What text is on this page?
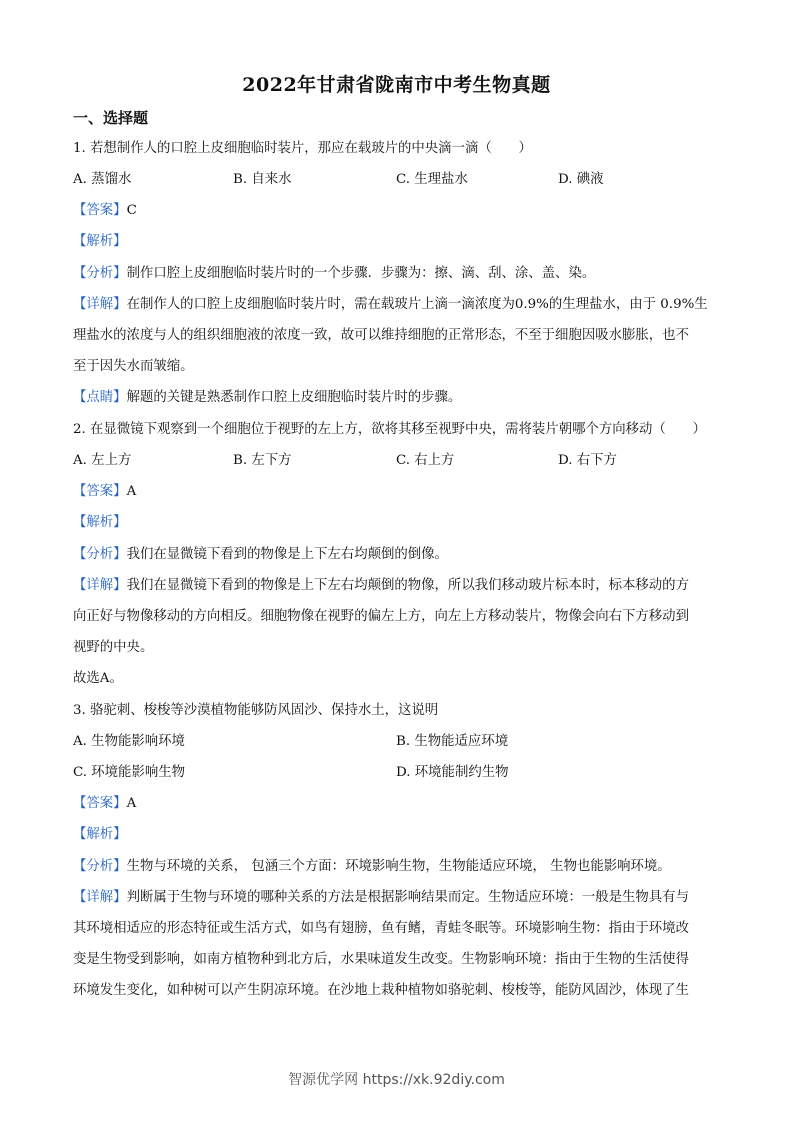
2022年甘肃省陇南市中考生物真题
一、选择题
1. 若想制作人的口腔上皮细胞临时装片，那应在载玻片的中央滴一滴（　　）
A. 蒸馏水	B. 自来水	C. 生理盐水	D. 碘液
【答案】C
【解析】
【分析】制作口腔上皮细胞临时装片时的一个步骤．步骤为：擦、滴、刮、涂、盖、染。
【详解】在制作人的口腔上皮细胞临时装片时，需在载玻片上滴一滴浓度为0.9%的生理盐水，由于 0.9%生
理盐水的浓度与人的组织细胞液的浓度一致，故可以维持细胞的正常形态，不至于细胞因吸水膨胀，也不
至于因失水而皱缩。
【点睛】解题的关键是熟悉制作口腔上皮细胞临时装片时的步骤。
2. 在显微镜下观察到一个细胞位于视野的左上方，欲将其移至视野中央，需将装片朝哪个方向移动（　　）
A. 左上方	B. 左下方	C. 右上方	D. 右下方
【答案】A
【解析】
【分析】我们在显微镜下看到的物像是上下左右均颠倒的倒像。
【详解】我们在显微镜下看到的物像是上下左右均颠倒的物像，所以我们移动玻片标本时，标本移动的方
向正好与物像移动的方向相反。细胞物像在视野的偏左上方，向左上方移动装片，物像会向右下方移动到
视野的中央。
故选A。
3. 骆驼刺、梭梭等沙漠植物能够防风固沙、保持水土，这说明
A. 生物能影响环境	B. 生物能适应环境
C. 环境能影响生物	D. 环境能制约生物
【答案】A
【解析】
【分析】生物与环境的关系， 包涵三个方面：环境影响生物，生物能适应环境， 生物也能影响环境。
【详解】判断属于生物与环境的哪种关系的方法是根据影响结果而定。生物适应环境：一般是生物具有与
其环境相适应的形态特征或生活方式，如鸟有翅膀，鱼有鳍，青蛙冬眠等。环境影响生物：指由于环境改
变是生物受到影响，如南方植物种到北方后，水果味道发生改变。生物影响环境：指由于生物的生活使得
环境发生变化，如种树可以产生阴凉环境。在沙地上栽种植物如骆驼刺、梭梭等，能防风固沙，体现了生
智源优学网 https://xk.92diy.com
